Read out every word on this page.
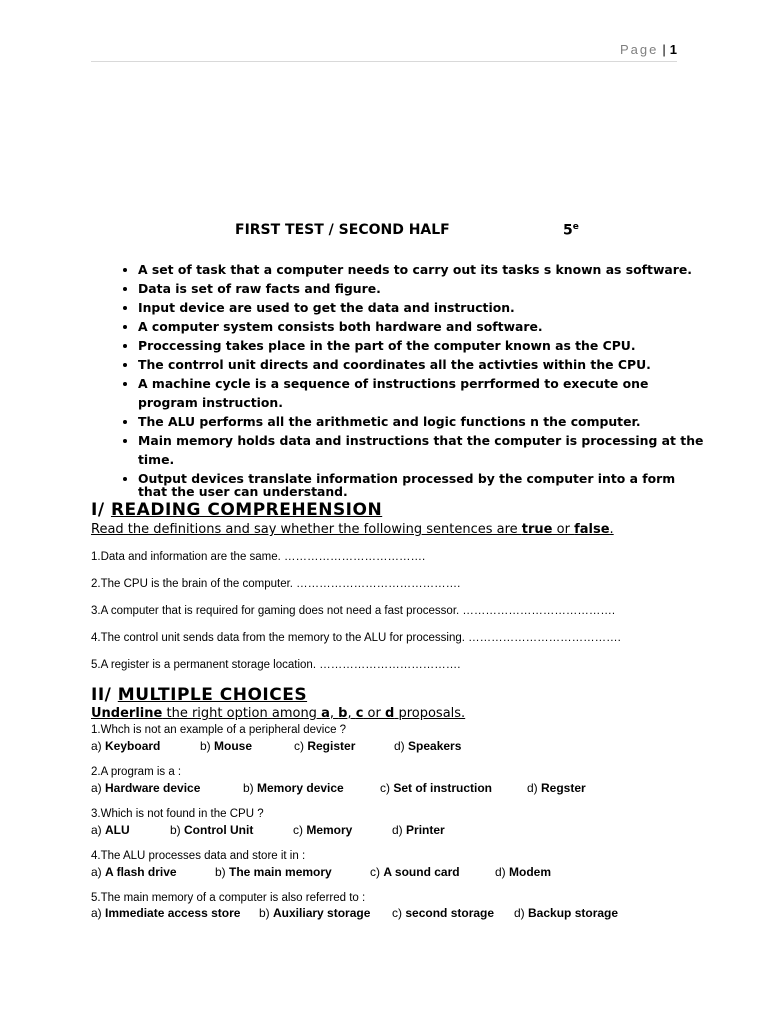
Page | 1
FIRST TEST / SECOND HALF	5e
• A set of task that a computer needs to carry out its tasks s known as software.
• Data is set of raw facts and figure.
• Input device are used to get the data and instruction.
• A computer system consists both hardware and software.
• Proccessing takes place in the part of the computer known as the CPU.
• The contrrol unit directs and coordinates all the activties within the CPU.
• A machine cycle is a sequence of instructions perrformed to execute one program instruction.
• The ALU performs all the arithmetic and logic functions n the computer.
• Main memory holds data and instructions that the computer is processing at the time.
• Output devices translate information processed by the computer into a form that the user can understand.
I/ READING COMPREHENSION
Read the definitions and say whether the following sentences are true or false.
1.Data and information are the same. ……………………………….
2.The CPU is the brain of the computer. …………………………………….
3.A computer that is required for gaming does not need a fast processor. ………………………………….
4.The control unit sends data from the memory to the ALU for processing. ………………………………….
5.A register is a permanent storage location. ……………………………….
II/ MULTIPLE CHOICES
Underline the right option among a, b, c or d proposals.
1.Whch is not an example of a peripheral device ?
a) Keyboard	b) Mouse	c) Register	d) Speakers
2.A program is a :
a) Hardware device	b) Memory device	c) Set of instruction	d) Regster
3.Which is not found in the CPU ?
a) ALU	b) Control Unit	c) Memory	d) Printer
4.The ALU processes data and store it in :
a) A flash drive	b) The main memory	c) A sound card	d) Modem
5.The main memory of a computer is also referred to :
a) Immediate access store b) Auxiliary storage c) second storage d) Backup storage
